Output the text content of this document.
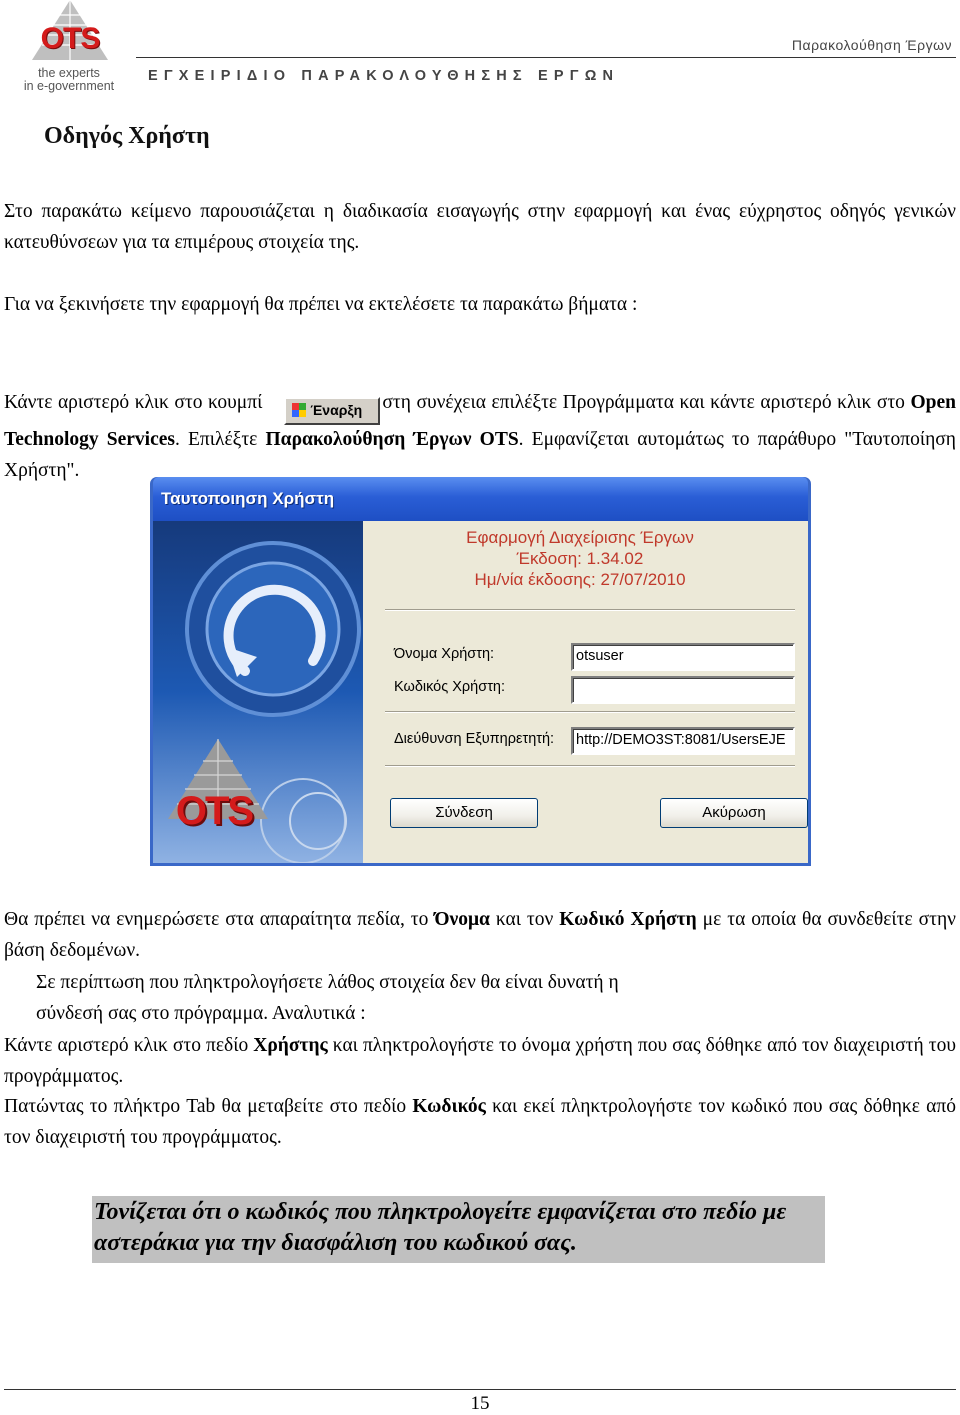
OTS
the experts
in e-government
Παρακολούθηση Έργων
ΕΓΧΕΙΡΙΔΙΟ ΠΑΡΑΚΟΛΟΥΘΗΣΗΣ ΕΡΓΩΝ
Οδηγός Χρήστη
Στο παρακάτω κείμενο παρουσιάζεται η διαδικασία εισαγωγής στην εφαρμογή και ένας εύχρηστος οδηγός γενικών κατευθύνσεων για τα επιμέρους στοιχεία της.
Για να ξεκινήσετε την εφαρμογή θα πρέπει να εκτελέσετε τα παρακάτω βήματα :
Κάντε αριστερό κλικ στο κουμπί	Έναρξη στη συνέχεια επιλέξτε Προγράμματα και κάντε αριστερό κλικ στο Open Technology Services. Επιλέξτε Παρακολούθηση Έργων OTS. Εμφανίζεται αυτομάτως το παράθυρο "Ταυτοποίηση Χρήστη".
Ταυτοποιηση Χρήστη
OTS
Εφαρμογή Διαχείρισης Έργων
Έκδοση: 1.34.02
Ημ/νία έκδοσης: 27/07/2010
Όνομα Χρήστη:	otsuser
Κωδικός Χρήστη:
Διεύθυνση Εξυπηρετητή:	http://DEMO3ST:8081/UsersEJE
Σύνδεση	Ακύρωση
Θα πρέπει να ενημερώσετε στα απαραίτητα πεδία, το Όνομα και τον Κωδικό Χρήστη με τα οποία θα συνδεθείτε στην βάση δεδομένων.
Σε περίπτωση που πληκτρολογήσετε λάθος στοιχεία δεν θα είναι δυνατή η
σύνδεσή σας στο πρόγραμμα. Αναλυτικά :
Κάντε αριστερό κλικ στο πεδίο Χρήστης και πληκτρολογήστε το όνομα χρήστη που σας δόθηκε από τον διαχειριστή του προγράμματος.
Πατώντας το πλήκτρο Tab θα μεταβείτε στο πεδίο Κωδικός και εκεί πληκτρολογήστε τον κωδικό που σας δόθηκε από τον διαχειριστή του προγράμματος.
Τονίζεται ότι ο κωδικός που πληκτρολογείτε εμφανίζεται στο πεδίο με αστεράκια για την διασφάλιση του κωδικού σας.
15
